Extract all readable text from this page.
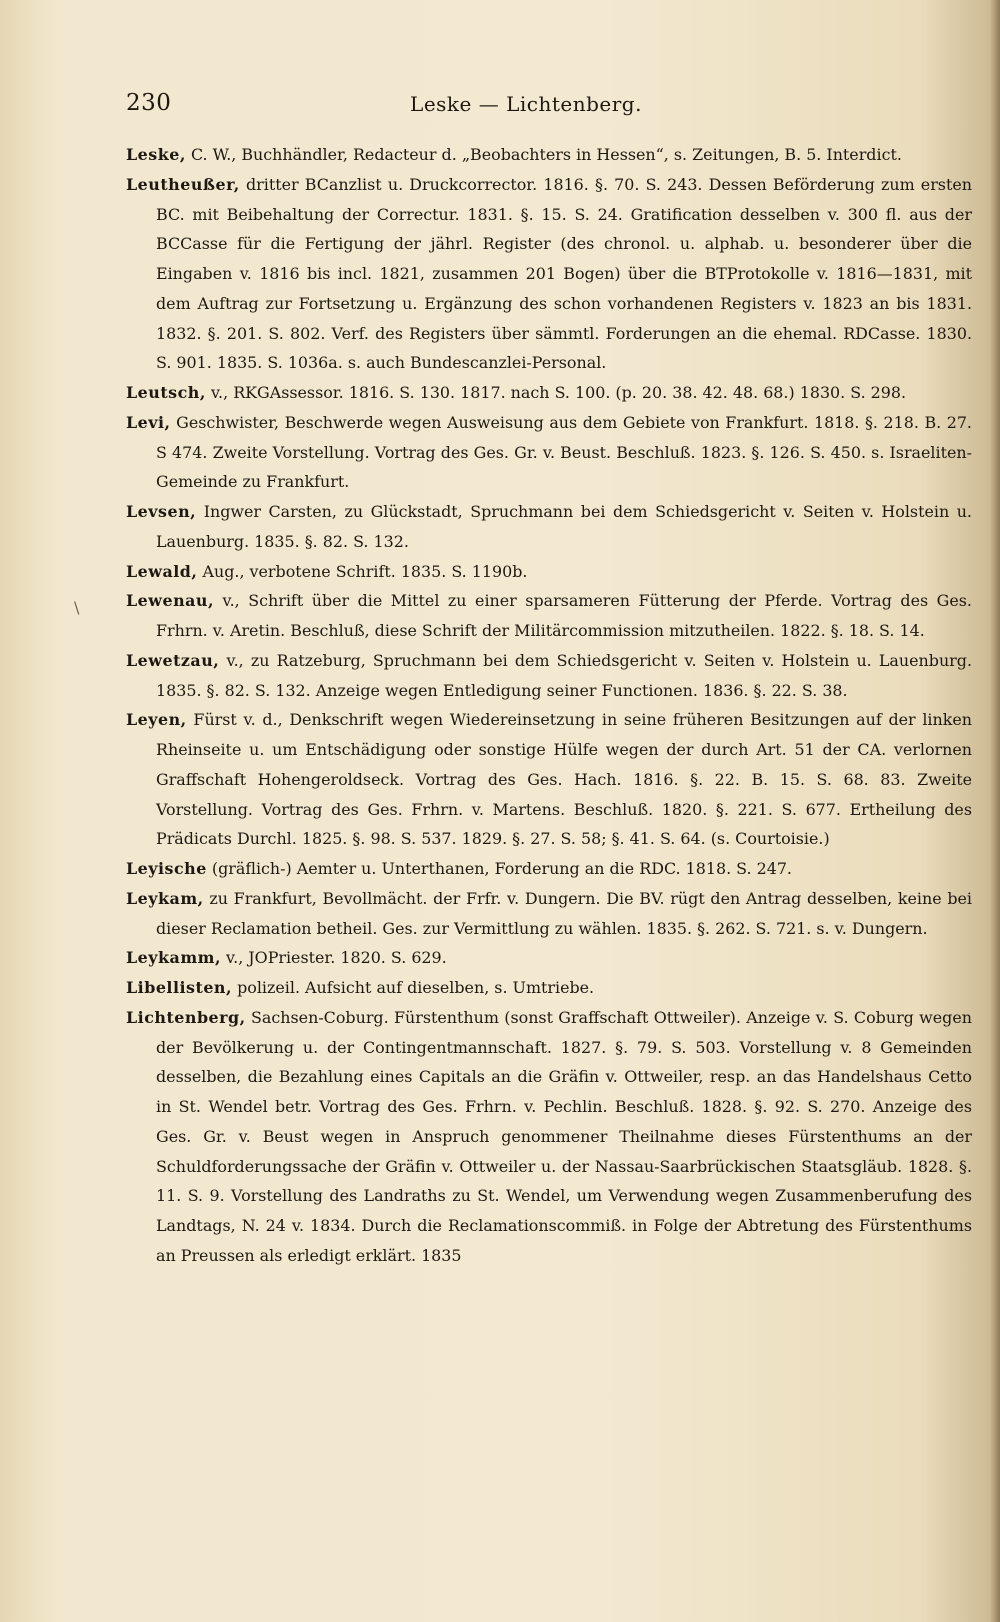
230	Leske — Lichtenberg.
\
Leske, C. W., Buchhändler, Redacteur d. „Beobachters in Hessen“, s. Zeitungen, B. 5. Interdict.
Leutheußer, dritter BCanzlist u. Druckcorrector. 1816. §. 70. S. 243. Dessen Beförderung zum ersten BC. mit Beibehaltung der Correctur. 1831. §. 15. S. 24. Gratification desselben v. 300 fl. aus der BCCasse für die Fertigung der jährl. Register (des chronol. u. alphab. u. besonderer über die Eingaben v. 1816 bis incl. 1821, zusammen 201 Bogen) über die BTProtokolle v. 1816—1831, mit dem Auftrag zur Fortsetzung u. Ergänzung des schon vorhandenen Registers v. 1823 an bis 1831. 1832. §. 201. S. 802. Verf. des Registers über sämmtl. Forderungen an die ehemal. RDCasse. 1830. S. 901. 1835. S. 1036a. s. auch Bundescanzlei-Personal.
Leutsch, v., RKGAssessor. 1816. S. 130. 1817. nach S. 100. (p. 20. 38. 42. 48. 68.) 1830. S. 298.
Levi, Geschwister, Beschwerde wegen Ausweisung aus dem Gebiete von Frankfurt. 1818. §. 218. B. 27. S 474. Zweite Vorstellung. Vortrag des Ges. Gr. v. Beust. Beschluß. 1823. §. 126. S. 450. s. Israeliten-Gemeinde zu Frankfurt.
Levsen, Ingwer Carsten, zu Glückstadt, Spruchmann bei dem Schiedsgericht v. Seiten v. Holstein u. Lauenburg. 1835. §. 82. S. 132.
Lewald, Aug., verbotene Schrift. 1835. S. 1190b.
Lewenau, v., Schrift über die Mittel zu einer sparsameren Fütterung der Pferde. Vortrag des Ges. Frhrn. v. Aretin. Beschluß, diese Schrift der Militärcommission mitzutheilen. 1822. §. 18. S. 14.
Lewetzau, v., zu Ratzeburg, Spruchmann bei dem Schiedsgericht v. Seiten v. Holstein u. Lauenburg. 1835. §. 82. S. 132. Anzeige wegen Entledigung seiner Functionen. 1836. §. 22. S. 38.
Leyen, Fürst v. d., Denkschrift wegen Wiedereinsetzung in seine früheren Besitzungen auf der linken Rheinseite u. um Entschädigung oder sonstige Hülfe wegen der durch Art. 51 der CA. verlornen Graffschaft Hohengeroldseck. Vortrag des Ges. Hach. 1816. §. 22. B. 15. S. 68. 83. Zweite Vorstellung. Vortrag des Ges. Frhrn. v. Martens. Beschluß. 1820. §. 221. S. 677. Ertheilung des Prädicats Durchl. 1825. §. 98. S. 537. 1829. §. 27. S. 58; §. 41. S. 64. (s. Courtoisie.)
Leyische (gräflich-) Aemter u. Unterthanen, Forderung an die RDC. 1818. S. 247.
Leykam, zu Frankfurt, Bevollmächt. der Frfr. v. Dungern. Die BV. rügt den Antrag desselben, keine bei dieser Reclamation betheil. Ges. zur Vermittlung zu wählen. 1835. §. 262. S. 721. s. v. Dungern.
Leykamm, v., JOPriester. 1820. S. 629.
Libellisten, polizeil. Aufsicht auf dieselben, s. Umtriebe.
Lichtenberg, Sachsen-Coburg. Fürstenthum (sonst Graffschaft Ottweiler). Anzeige v. S. Coburg wegen der Bevölkerung u. der Contingentmannschaft. 1827. §. 79. S. 503. Vorstellung v. 8 Gemeinden desselben, die Bezahlung eines Capitals an die Gräfin v. Ottweiler, resp. an das Handelshaus Cetto in St. Wendel betr. Vortrag des Ges. Frhrn. v. Pechlin. Beschluß. 1828. §. 92. S. 270. Anzeige des Ges. Gr. v. Beust wegen in Anspruch genommener Theilnahme dieses Fürstenthums an der Schuldforderungssache der Gräfin v. Ottweiler u. der Nassau-Saarbrückischen Staatsgläub. 1828. §. 11. S. 9. Vorstellung des Landraths zu St. Wendel, um Verwendung wegen Zusammenberufung des Landtags, N. 24 v. 1834. Durch die Reclamationscommiß. in Folge der Abtretung des Fürstenthums an Preussen als erledigt erklärt. 1835
